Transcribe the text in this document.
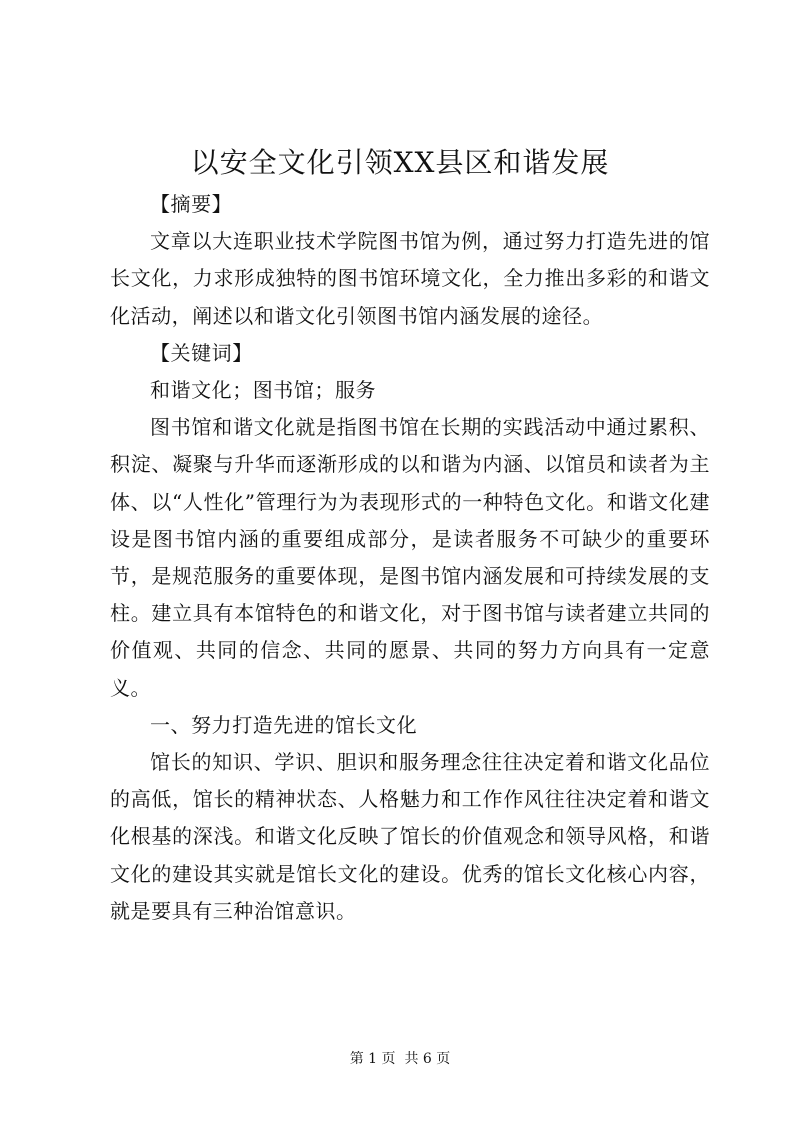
以安全文化引领XX县区和谐发展

【摘要】

文章以大连职业技术学院图书馆为例，通过努力打造先进的馆长文化，力求形成独特的图书馆环境文化，全力推出多彩的和谐文化活动，阐述以和谐文化引领图书馆内涵发展的途径。

【关键词】

和谐文化；图书馆；服务

图书馆和谐文化就是指图书馆在长期的实践活动中通过累积、积淀、凝聚与升华而逐渐形成的以和谐为内涵、以馆员和读者为主体、以“人性化”管理行为为表现形式的一种特色文化。和谐文化建设是图书馆内涵的重要组成部分，是读者服务不可缺少的重要环节，是规范服务的重要体现，是图书馆内涵发展和可持续发展的支柱。建立具有本馆特色的和谐文化，对于图书馆与读者建立共同的价值观、共同的信念、共同的愿景、共同的努力方向具有一定意义。

一、努力打造先进的馆长文化

馆长的知识、学识、胆识和服务理念往往决定着和谐文化品位的高低，馆长的精神状态、人格魅力和工作作风往往决定着和谐文化根基的深浅。和谐文化反映了馆长的价值观念和领导风格，和谐文化的建设其实就是馆长文化的建设。优秀的馆长文化核心内容，就是要具有三种治馆意识。

第 1 页  共 6 页
